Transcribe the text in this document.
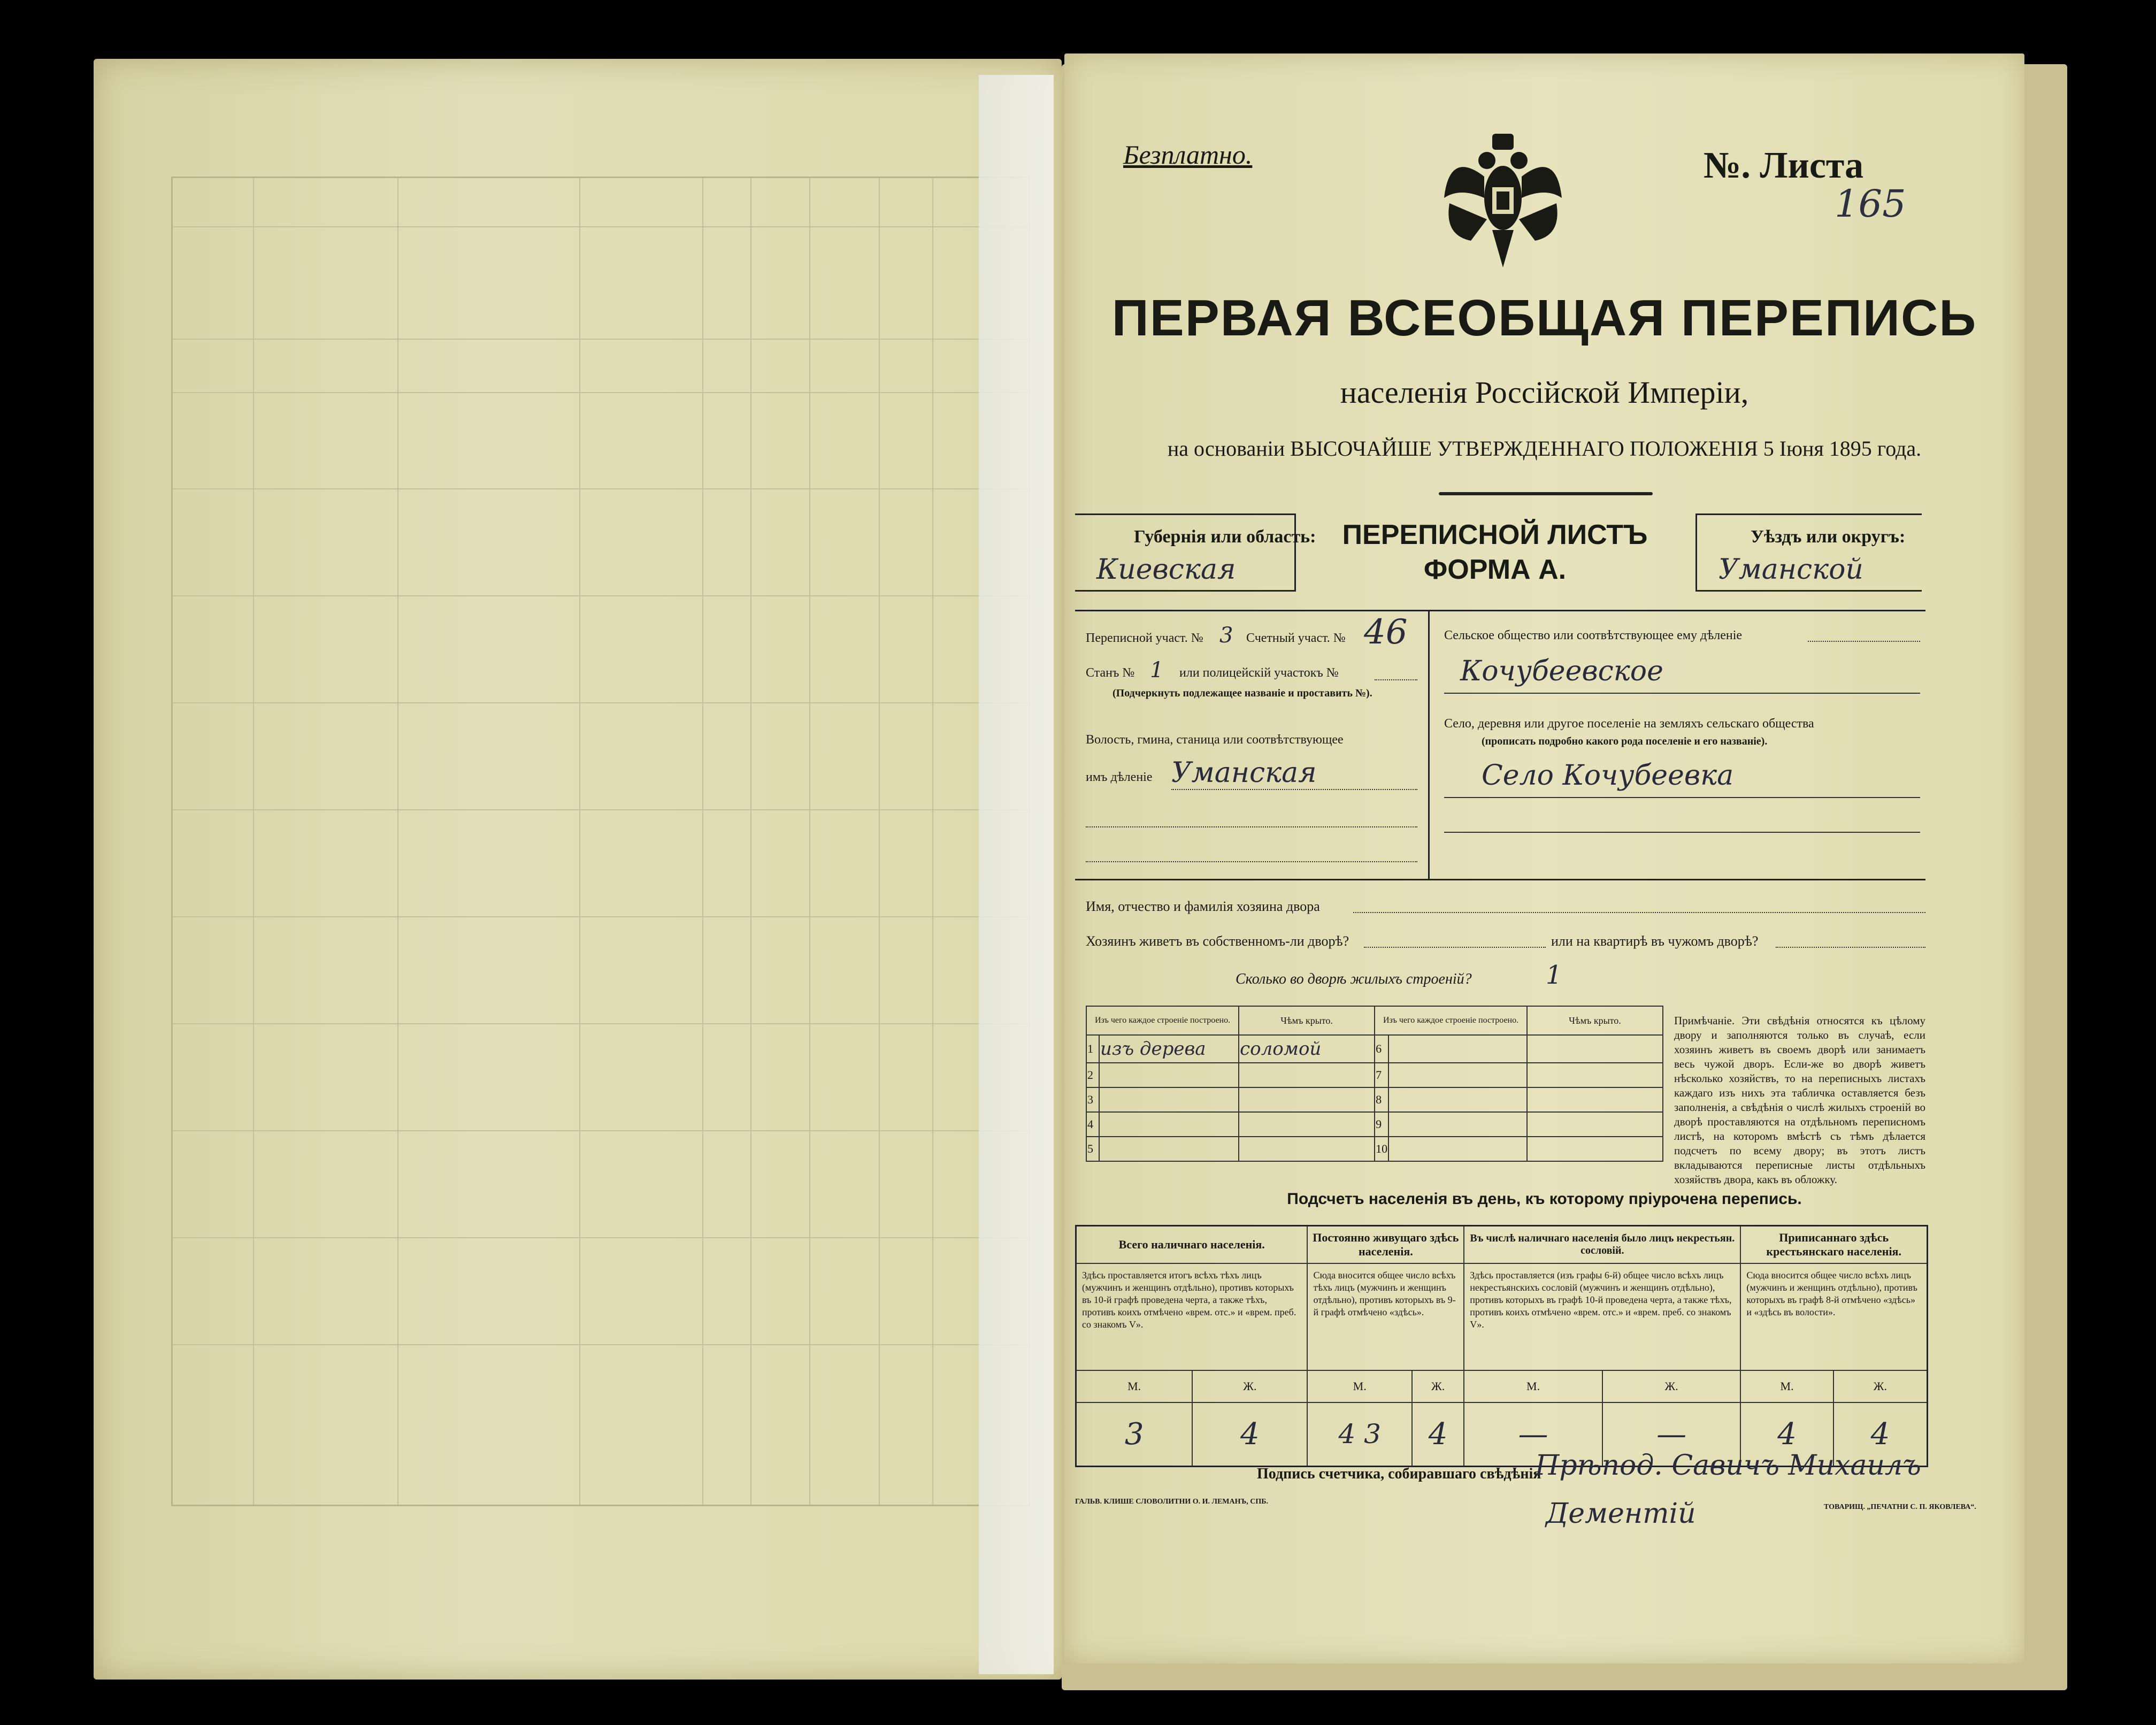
Безплатно.	№. Листа
165
ПЕРВАЯ ВСЕОБЩАЯ ПЕРЕПИСЬ
населенія Россійской Имперіи,
на основаніи ВЫСОЧАЙШЕ УТВЕРЖДЕННАГО ПОЛОЖЕНІЯ 5 Іюня 1895 года.
Губернія или область:
Киевская
ПЕРЕПИСНОЙ ЛИСТЪ
ФОРМА А.
Уѣздъ или округъ:
Уманской
Переписной участ. № 3 Счетный участ. № 46
Станъ № 1 или полицейскій участокъ №
(Подчеркнуть подлежащее названіе и проставить №).
Волость, гмина, станица или соотвѣтствующее
имъ дѣленіе Уманская
Сельское общество или соотвѣтствующее ему дѣленіе
Кочубеевское
Село, деревня или другое поселеніе на земляхъ сельскаго общества
(прописать подробно какого рода поселеніе и его названіе).
Село Кочубеевка
Имя, отчество и фамилія хозяина двора
Хозяинъ живетъ въ собственномъ-ли дворѣ?	или на квартирѣ въ чужомъ дворѣ?
Сколько во дворѣ жилыхъ строеній?	1
Изъ чего каждое строеніе построено.		Чѣмъ крыто.	Изъ чего каждое строеніе построено.		Чѣмъ крыто.
1	изъ дерева	соломой	6		
2			7		
3			8		
4			9		
5			10		
Примѣчаніе. Эти свѣдѣнія относятся къ цѣлому двору и заполняются только въ случаѣ, если хозяинъ живетъ въ своемъ дворѣ или занимаетъ весь чужой дворъ. Если-же во дворѣ живетъ нѣсколько хозяйствъ, то на переписныхъ листахъ каждаго изъ нихъ эта табличка оставляется безъ заполненія, а свѣдѣнія о числѣ жилыхъ строеній во дворѣ проставляются на отдѣльномъ переписномъ листѣ, на которомъ вмѣстѣ съ тѣмъ дѣлается подсчетъ по всему двору; въ этотъ листъ вкладываются переписные листы отдѣльныхъ хозяйствъ двора, какъ въ обложку.
Подсчетъ населенія въ день, къ которому пріурочена перепись.
Всего наличнаго населенія.		Постоянно живущаго здѣсь населенія.		Въ числѣ наличнаго населенія было лицъ некрестьян. сословій.		Приписаннаго здѣсь крестьянскаго населенія.	
Здѣсь проставляется итогъ всѣхъ тѣхъ лицъ (мужчинъ и женщинъ отдѣльно), противъ которыхъ въ 10-й графѣ проведена черта, а также тѣхъ, противъ коихъ отмѣчено «врем. отс.» и «врем. преб. со знакомъ V».		Сюда вносится общее число всѣхъ тѣхъ лицъ (мужчинъ и женщинъ отдѣльно), противъ которыхъ въ 9-й графѣ отмѣчено «здѣсь».		Здѣсь проставляется (изъ графы 6-й) общее число всѣхъ лицъ некрестьянскихъ сословій (мужчинъ и женщинъ отдѣльно), противъ которыхъ въ графѣ 10-й проведена черта, а также тѣхъ, противъ коихъ отмѣчено «врем. отс.» и «врем. преб. со знакомъ V».		Сюда вносится общее число всѣхъ лицъ (мужчинъ и женщинъ отдѣльно), противъ которыхъ въ графѣ 8-й отмѣчено «здѣсь» и «здѣсь въ волости».	
М.	Ж.	М.	Ж.	М.	Ж.	М.	Ж.
3	4	4 3	4	—	—	4	4
Подпись счетчика, собиравшаго свѣдѣнія
Прѣпод. Савичъ Михаилъ
Дементій
ГАЛЬВ. КЛИШЕ СЛОВОЛИТНИ О. И. ЛЕМАНЪ, СПБ.
ТОВАРИЩ. „ПЕЧАТНИ С. П. ЯКОВЛЕВА“.
